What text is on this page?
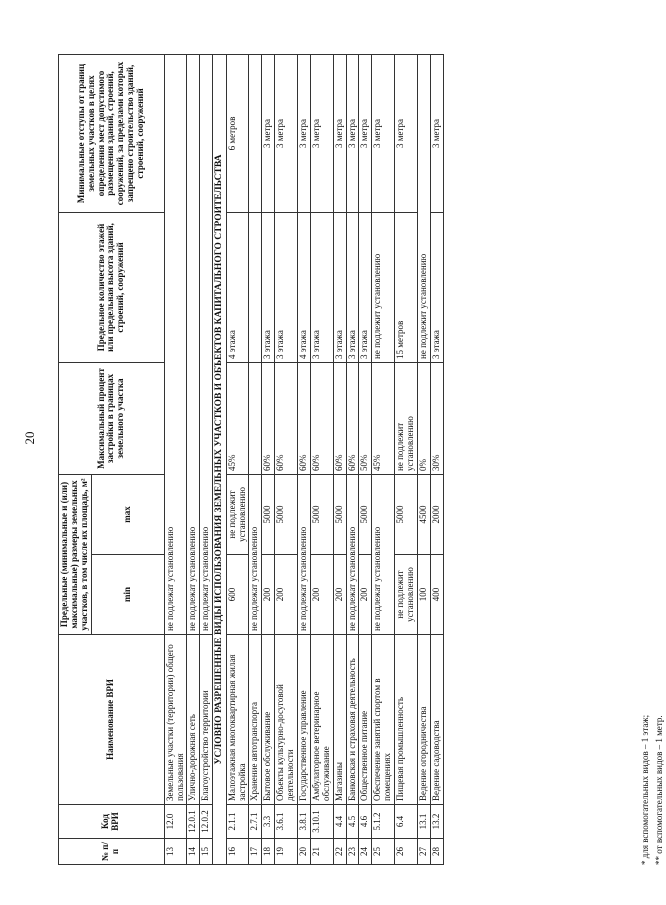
20
№ п/п	Код ВРИ	Наименование ВРИ	Предельные (минимальные и (или) максимальные) размеры земельных участков, в том числе их площадь, м²		Максимальный процент застройки в границах земельного участка	Предельное количество этажей или предельная высота зданий, строений, сооружений	Минимальные отступы от границ земельных участков в целях определения мест допустимого размещения зданий, строений, сооружений, за пределами которых запрещено строительство зданий, строений, сооружений
			min	max			
13	12.0	Земельные участки (территории) общего пользования	не подлежат установлению				
14	12.0.1	Улично-дорожная сеть	не подлежат установлению				
15	12.0.2	Благоустройство территории	не подлежат установлению				
УСЛОВНО РАЗРЕШЕННЫЕ ВИДЫ ИСПОЛЬЗОВАНИЯ ЗЕМЕЛЬНЫХ УЧАСТКОВ И ОБЪЕКТОВ КАПИТАЛЬНОГО СТРОИТЕЛЬСТВА							
16	2.1.1	Малоэтажная многоквартирная жилая застройка	600	не подлежит установлению	45%	4 этажа	6 метров
17	2.7.1	Хранение автотранспорта	не подлежат установлению				
18	3.3	Бытовое обслуживание	200	5000	60%	3 этажа	3 метра
19	3.6.1	Объекты культурно-досуговой деятельности	200	5000	60%	3 этажа	3 метра
20	3.8.1	Государственное управление	не подлежат установлению		60%	4 этажа	3 метра
21	3.10.1	Амбулаторное ветеринарное обслуживание	200	5000	60%	3 этажа	3 метра
22	4.4	Магазины	200	5000	60%	3 этажа	3 метра
23	4.5	Банковская и страховая деятельность	не подлежат установлению		60%	3 этажа	3 метра
24	4.6	Общественное питание	200	5000	50%	3 этажа	3 метра
25	5.1.2	Обеспечение занятий спортом в помещениях	не подлежат установлению		45%	не подлежит установлению	3 метра
26	6.4	Пищевая промышленность	не подлежит установлению	5000	не подлежит установлению	15 метров	3 метра
27	13.1	Ведение огородничества	100	4500	0%	не подлежит установлению	
28	13.2	Ведение садоводства	400	2000	30%	3 этажа	3 метра
* для вспомогательных видов – 1 этаж; ** от вспомогательных видов – 1 метр.
